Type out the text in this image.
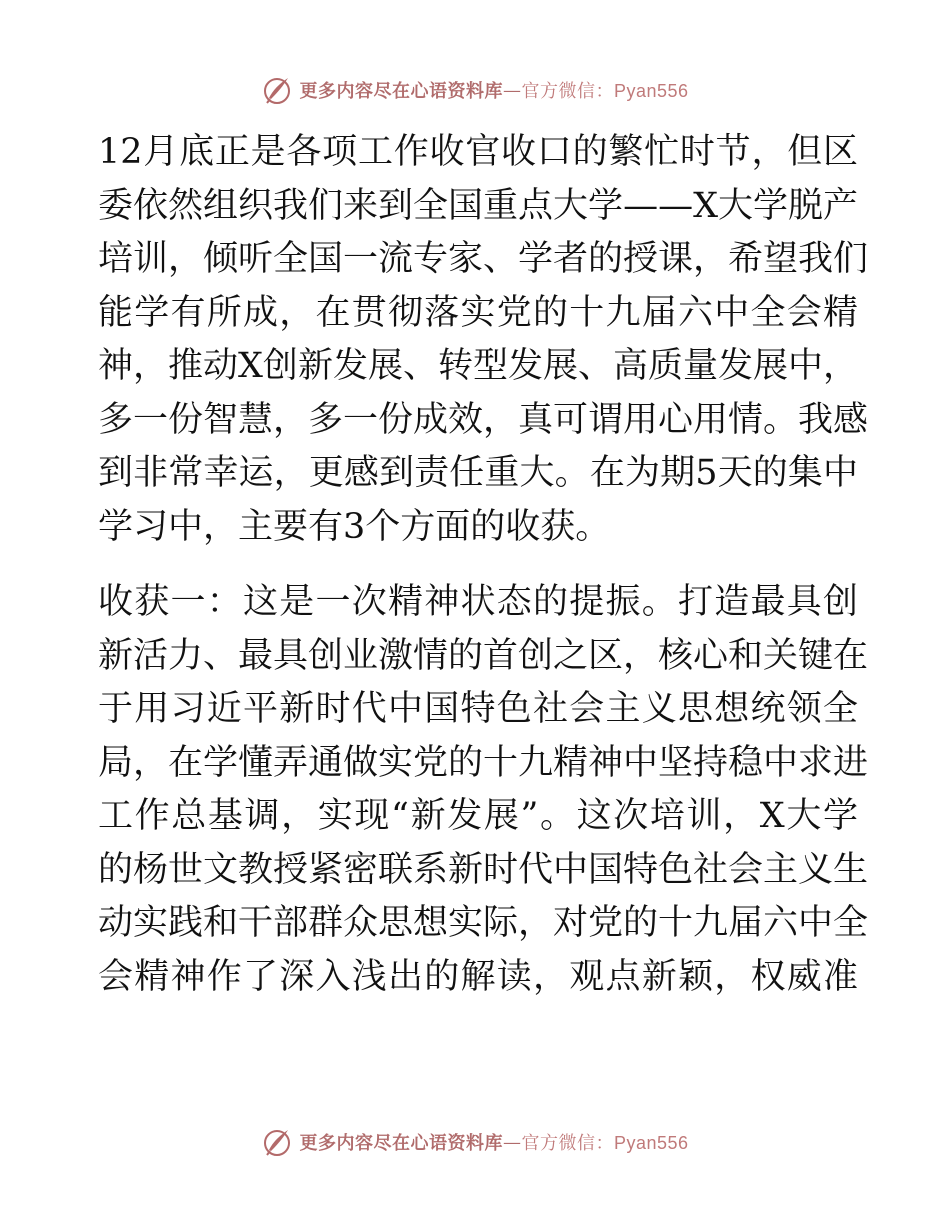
更多内容尽在心语资料库 — 官方微信：Pyan556
12月底正是各项工作收官收口的繁忙时节，但区
委依然组织我们来到全国重点大学——X大学脱产
培训，倾听全国一流专家、学者的授课，希望我们
能学有所成，在贯彻落实党的十九届六中全会精
神，推动X创新发展、转型发展、高质量发展中，
多一份智慧，多一份成效，真可谓用心用情。我感
到非常幸运，更感到责任重大。在为期5天的集中
学习中，主要有3个方面的收获。
收获一：这是一次精神状态的提振。打造最具创
新活力、最具创业激情的首创之区，核心和关键在
于用习近平新时代中国特色社会主义思想统领全
局，在学懂弄通做实党的十九精神中坚持稳中求进
工作总基调，实现“新发展”。这次培训，X大学
的杨世文教授紧密联系新时代中国特色社会主义生
动实践和干部群众思想实际，对党的十九届六中全
会精神作了深入浅出的解读，观点新颖，权威准
更多内容尽在心语资料库 — 官方微信：Pyan556
